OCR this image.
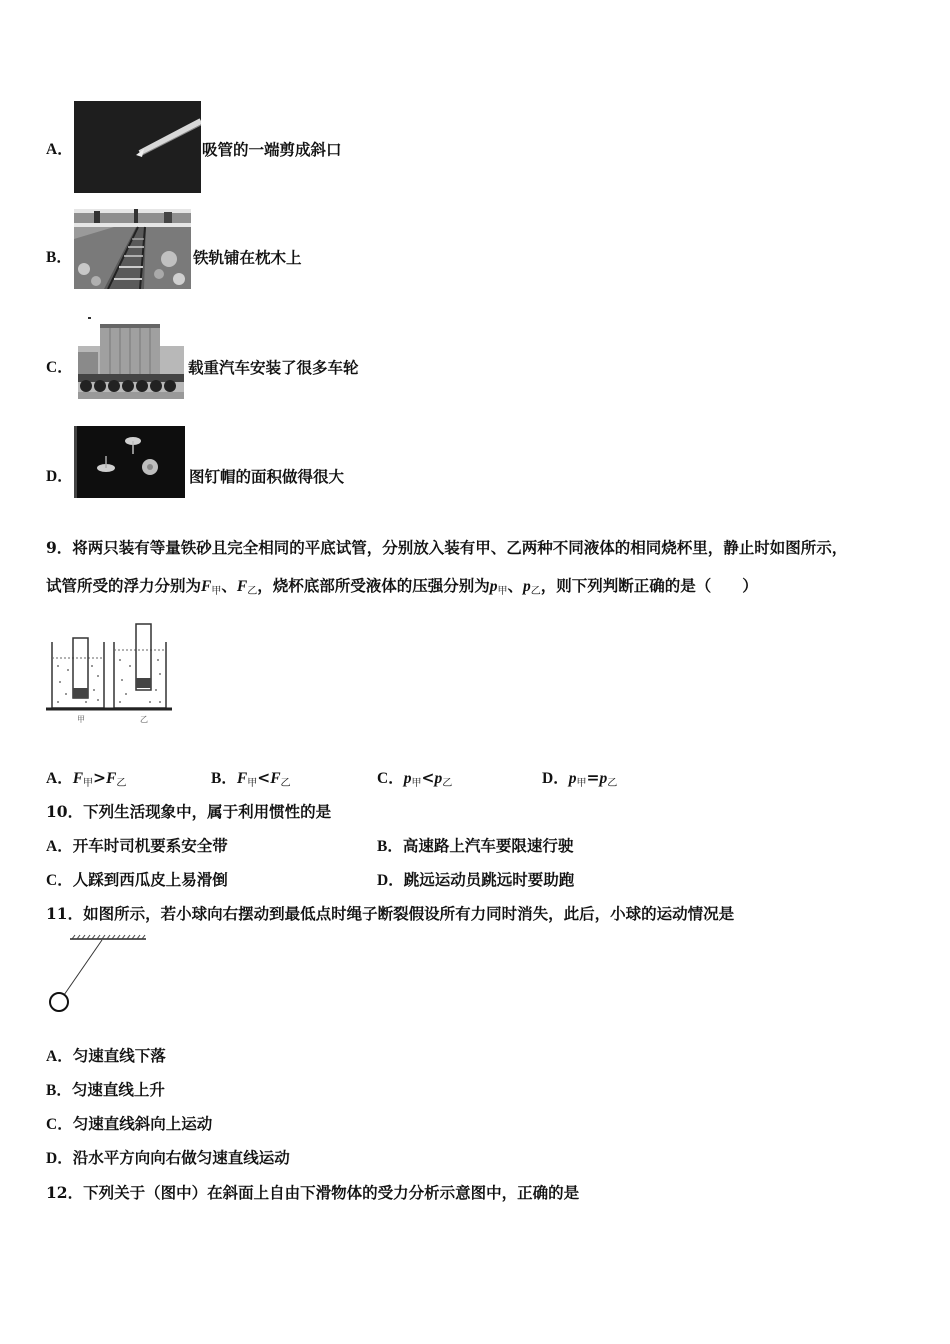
A．	吸管的一端剪成斜口
B．	铁轨铺在枕木上
C．	载重汽车安装了很多车轮
D．	图钉帽的面积做得很大
9．将两只装有等量铁砂且完全相同的平底试管，分别放入装有甲、乙两种不同液体的相同烧杯里，静止时如图所示，
试管所受的浮力分别为$F_甲$、$F_乙$，烧杯底部所受液体的压强分别为$p_甲$、$p_乙$，则下列判断正确的是（　　）
甲	乙
A．$F_甲>F_乙$	B．$F_甲<F_乙$	C．$p_甲<p_乙$	D．$p_甲=p_乙$
10．下列生活现象中，属于利用惯性的是
A．开车时司机要系安全带	B．高速路上汽车要限速行驶
C．人踩到西瓜皮上易滑倒	D．跳远运动员跳远时要助跑
11．如图所示，若小球向右摆动到最低点时绳子断裂假设所有力同时消失，此后，小球的运动情况是
A．匀速直线下落
B．匀速直线上升
C．匀速直线斜向上运动
D．沿水平方向向右做匀速直线运动
12．下列关于（图中）在斜面上自由下滑物体的受力分析示意图中，正确的是
